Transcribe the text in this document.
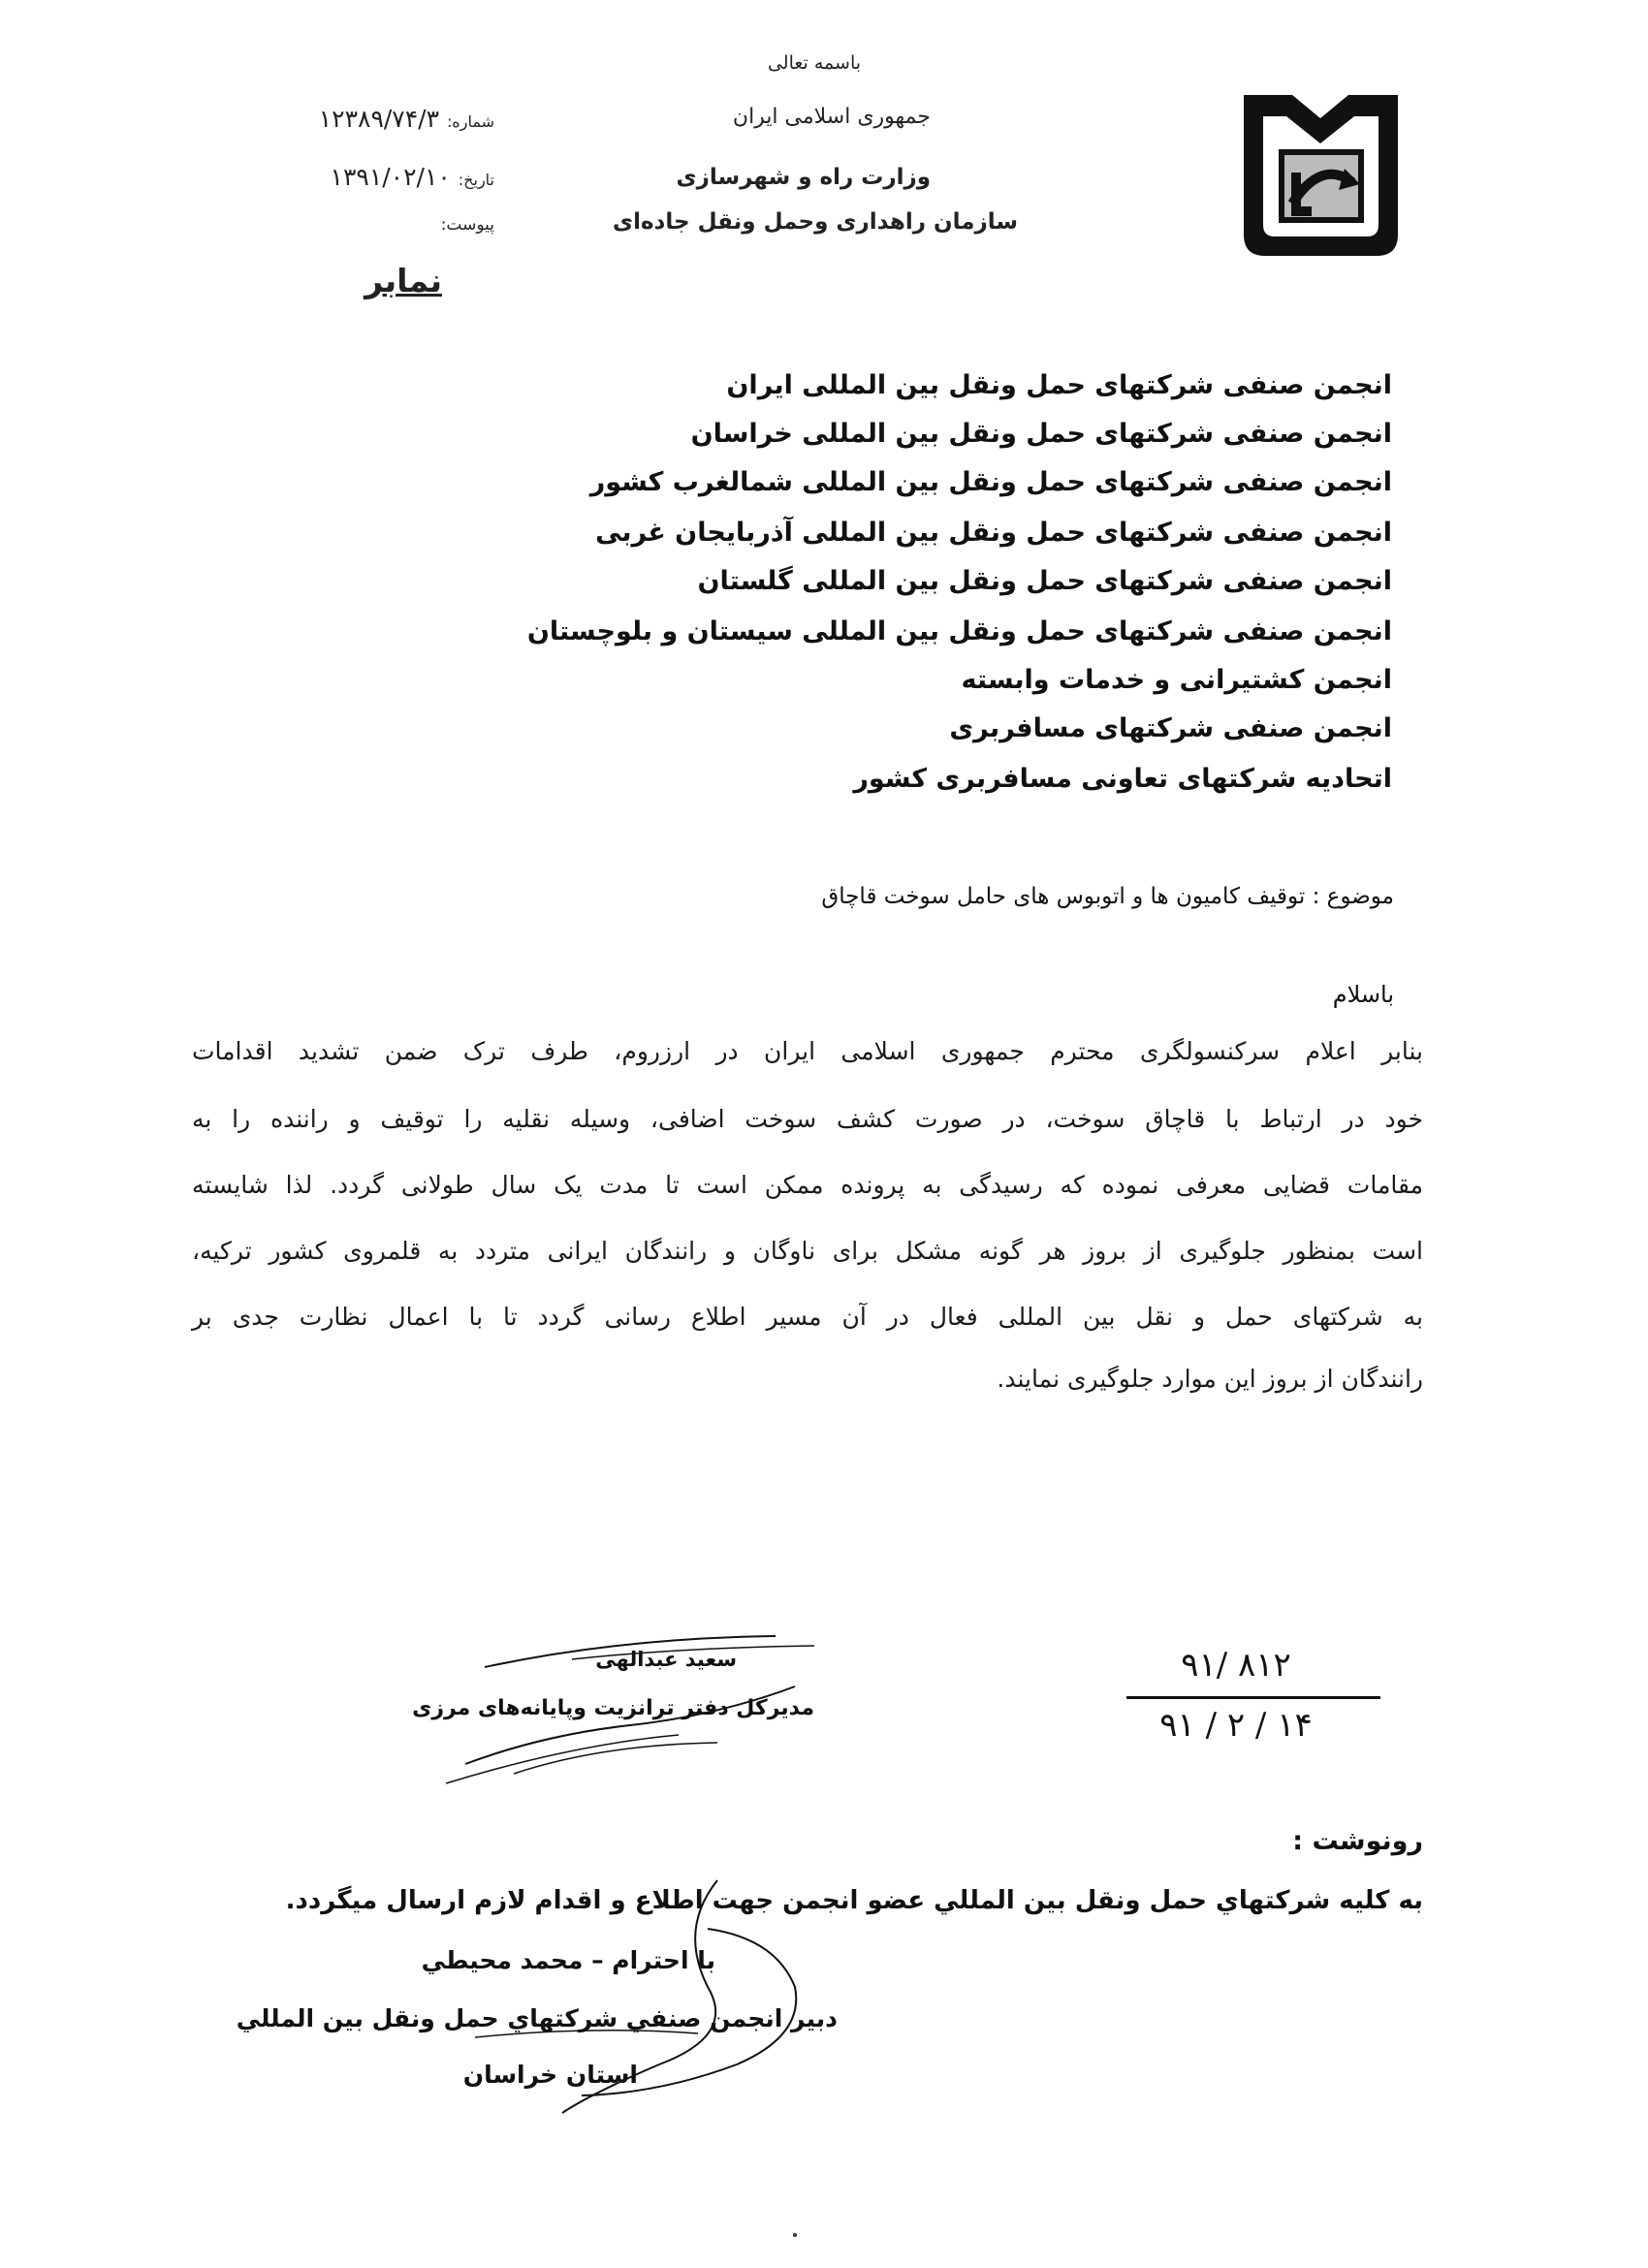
باسمه تعالی
جمهوری اسلامی ایران
وزارت راه و شهرسازی
سازمان راهداری وحمل ونقل جاده‌ای
شماره: ۱۲۳۸۹/۷۴/۳
تاریخ: ۱۳۹۱/۰۲/۱۰
پیوست:
نمابر
انجمن صنفی شرکتهای حمل ونقل بین المللی ایران
انجمن صنفی شرکتهای حمل ونقل بین المللی خراسان
انجمن صنفی شرکتهای حمل ونقل بین المللی شمالغرب کشور
انجمن صنفی شرکتهای حمل ونقل بین المللی آذربایجان غربی
انجمن صنفی شرکتهای حمل ونقل بین المللی گلستان
انجمن صنفی شرکتهای حمل ونقل بین المللی سیستان و بلوچستان
انجمن کشتیرانی و خدمات وابسته
انجمن صنفی شرکتهای مسافربری
اتحادیه شرکتهای تعاونی مسافربری کشور
موضوع : توقیف کامیون ها و اتوبوس های حامل سوخت قاچاق
باسلام
بنابر اعلام سرکنسولگری محترم جمهوری اسلامی ایران در ارزروم، طرف ترک ضمن تشدید اقدامات
خود در ارتباط با قاچاق سوخت، در صورت کشف سوخت اضافی، وسیله نقلیه را توقیف و راننده را به
مقامات قضایی معرفی نموده که رسیدگی به پرونده ممکن است تا مدت یک سال طولانی گردد. لذا شایسته
است بمنظور جلوگیری از بروز هر گونه مشکل برای ناوگان و رانندگان ایرانی متردد به قلمروی کشور ترکیه،
به شرکتهای حمل و نقل بین المللی فعال در آن مسیر اطلاع رسانی گردد تا با اعمال نظارت جدی بر
رانندگان از بروز این موارد جلوگیری نمایند.
سعید عبدالهی
مدیرکل دفتر ترانزیت وپایانه‌های مرزی
۹۱/ ۸۱۲
۹۱ / ۲ / ۱۴
رونوشت :
به كليه شركتهاي حمل ونقل بين المللي عضو انجمن جهت اطلاع و اقدام لازم ارسال ميگردد.
با احترام – محمد محيطي
دبير انجمن صنفي شركتهاي حمل ونقل بين المللي
استان خراسان
